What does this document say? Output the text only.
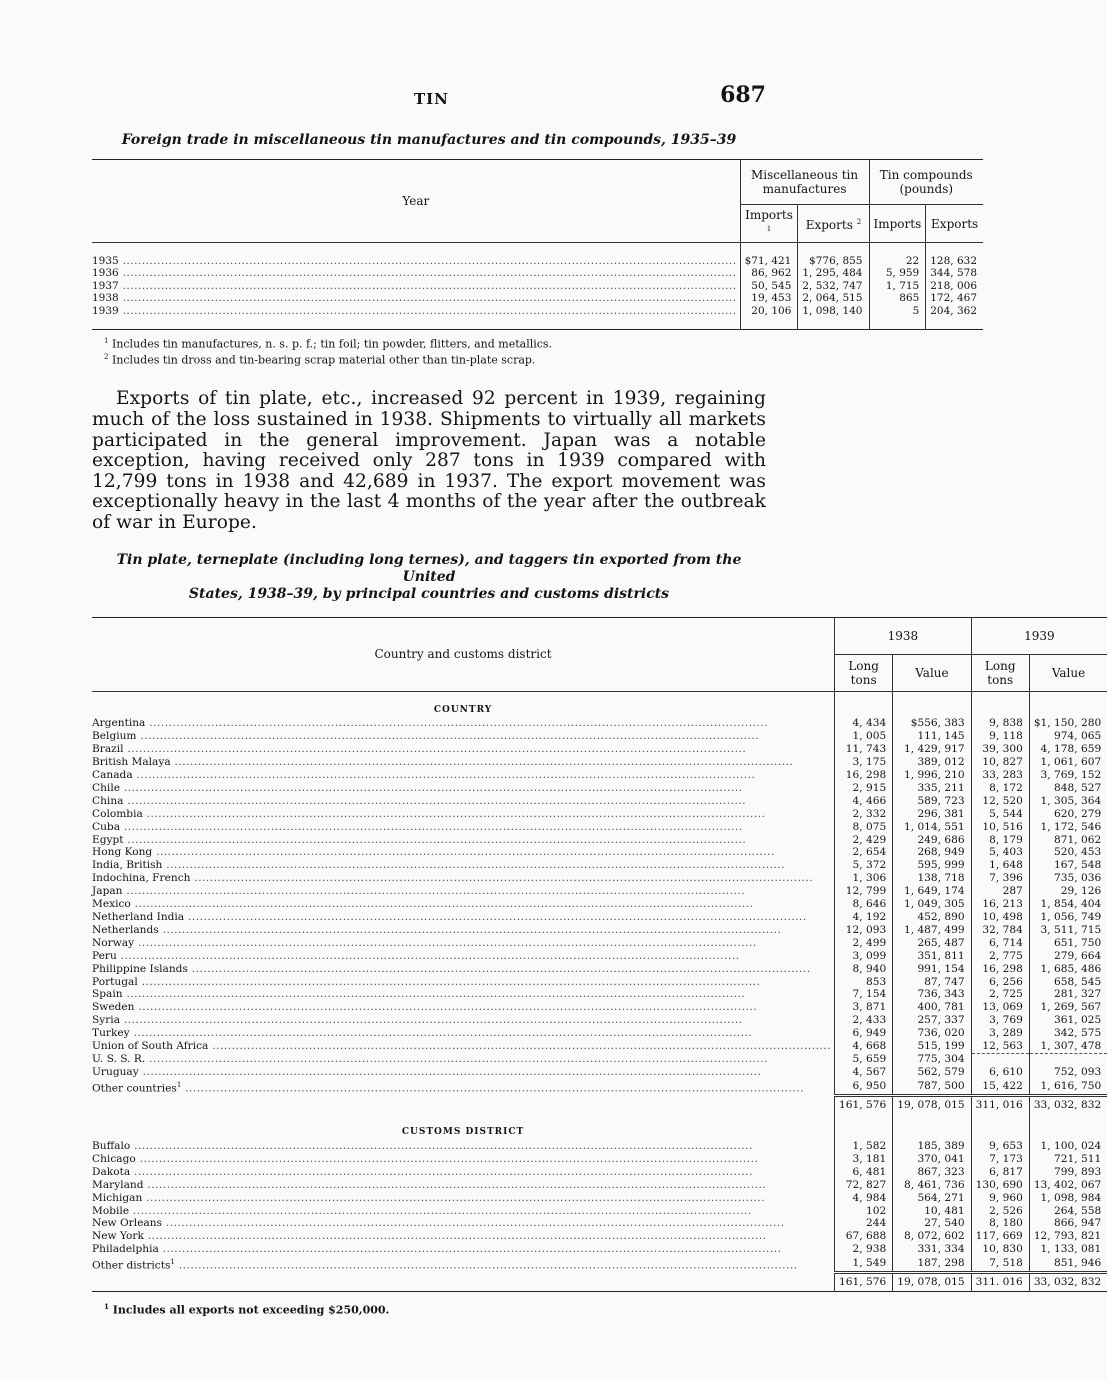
TIN	687
Foreign trade in miscellaneous tin manufactures and tin compounds, 1935–39
Year	Miscellaneous tin manufactures		Tin compounds (pounds)	
	Imports $^1$	Exports $^2$	Imports	Exports
1935 ................................................................................................................................................................	$71, 421	$776, 855	22	128, 632
1936 ................................................................................................................................................................	86, 962	1, 295, 484	5, 959	344, 578
1937 ................................................................................................................................................................	50, 545	2, 532, 747	1, 715	218, 006
1938 ................................................................................................................................................................	19, 453	2, 064, 515	865	172, 467
1939 ................................................................................................................................................................	20, 106	1, 098, 140	5	204, 362
$^1$ Includes tin manufactures, n. s. p. f.; tin foil; tin powder, flitters, and metallics.
$^2$ Includes tin dross and tin-bearing scrap material other than tin-plate scrap.

Exports of tin plate, etc., increased 92 percent in 1939, regaining much of the loss sustained in 1938. Shipments to virtually all markets participated in the general improvement. Japan was a notable exception, having received only 287 tons in 1939 compared with 12,799 tons in 1938 and 42,689 in 1937. The export movement was exceptionally heavy in the last 4 months of the year after the outbreak of war in Europe.

Tin plate, terneplate (including long ternes), and taggers tin exported from the United
States, 1938–39, by principal countries and customs districts
Country and customs district	1938		1939	
	Long tons	Value	Long tons	Value
COUNTRY				
Argentina ................................................................................................................................................................	4, 434	$556, 383	9, 838	$1, 150, 280
Belgium ................................................................................................................................................................	1, 005	111, 145	9, 118	974, 065
Brazil ................................................................................................................................................................	11, 743	1, 429, 917	39, 300	4, 178, 659
British Malaya ................................................................................................................................................................	3, 175	389, 012	10, 827	1, 061, 607
Canada ................................................................................................................................................................	16, 298	1, 996, 210	33, 283	3, 769, 152
Chile ................................................................................................................................................................	2, 915	335, 211	8, 172	848, 527
China ................................................................................................................................................................	4, 466	589, 723	12, 520	1, 305, 364
Colombia ................................................................................................................................................................	2, 332	296, 381	5, 544	620, 279
Cuba ................................................................................................................................................................	8, 075	1, 014, 551	10, 516	1, 172, 546
Egypt ................................................................................................................................................................	2, 429	249, 686	8, 179	871, 062
Hong Kong ................................................................................................................................................................	2, 654	268, 949	5, 403	520, 453
India, British ................................................................................................................................................................	5, 372	595, 999	1, 648	167, 548
Indochina, French ................................................................................................................................................................	1, 306	138, 718	7, 396	735, 036
Japan ................................................................................................................................................................	12, 799	1, 649, 174	287	29, 126
Mexico ................................................................................................................................................................	8, 646	1, 049, 305	16, 213	1, 854, 404
Netherland India ................................................................................................................................................................	4, 192	452, 890	10, 498	1, 056, 749
Netherlands ................................................................................................................................................................	12, 093	1, 487, 499	32, 784	3, 511, 715
Norway ................................................................................................................................................................	2, 499	265, 487	6, 714	651, 750
Peru ................................................................................................................................................................	3, 099	351, 811	2, 775	279, 664
Philippine Islands ................................................................................................................................................................	8, 940	991, 154	16, 298	1, 685, 486
Portugal ................................................................................................................................................................	853	87, 747	6, 256	658, 545
Spain ................................................................................................................................................................	7, 154	736, 343	2, 725	281, 327
Sweden ................................................................................................................................................................	3, 871	400, 781	13, 069	1, 269, 567
Syria ................................................................................................................................................................	2, 433	257, 337	3, 769	361, 025
Turkey ................................................................................................................................................................	6, 949	736, 020	3, 289	342, 575
Union of South Africa ................................................................................................................................................................	4, 668	515, 199	12, 563	1, 307, 478
U. S. S. R. ................................................................................................................................................................	5, 659	775, 304		
Uruguay ................................................................................................................................................................	4, 567	562, 579	6, 610	752, 093
Other countries$^1$ ................................................................................................................................................................	6, 950	787, 500	15, 422	1, 616, 750
	161, 576	19, 078, 015	311, 016	33, 032, 832
CUSTOMS DISTRICT				
Buffalo ................................................................................................................................................................	1, 582	185, 389	9, 653	1, 100, 024
Chicago ................................................................................................................................................................	3, 181	370, 041	7, 173	721, 511
Dakota ................................................................................................................................................................	6, 481	867, 323	6, 817	799, 893
Maryland ................................................................................................................................................................	72, 827	8, 461, 736	130, 690	13, 402, 067
Michigan ................................................................................................................................................................	4, 984	564, 271	9, 960	1, 098, 984
Mobile ................................................................................................................................................................	102	10, 481	2, 526	264, 558
New Orleans ................................................................................................................................................................	244	27, 540	8, 180	866, 947
New York ................................................................................................................................................................	67, 688	8, 072, 602	117, 669	12, 793, 821
Philadelphia ................................................................................................................................................................	2, 938	331, 334	10, 830	1, 133, 081
Other districts$^1$ ................................................................................................................................................................	1, 549	187, 298	7, 518	851, 946
	161, 576	19, 078, 015	311. 016	33, 032, 832
$^1$ Includes all exports not exceeding $250,000.
